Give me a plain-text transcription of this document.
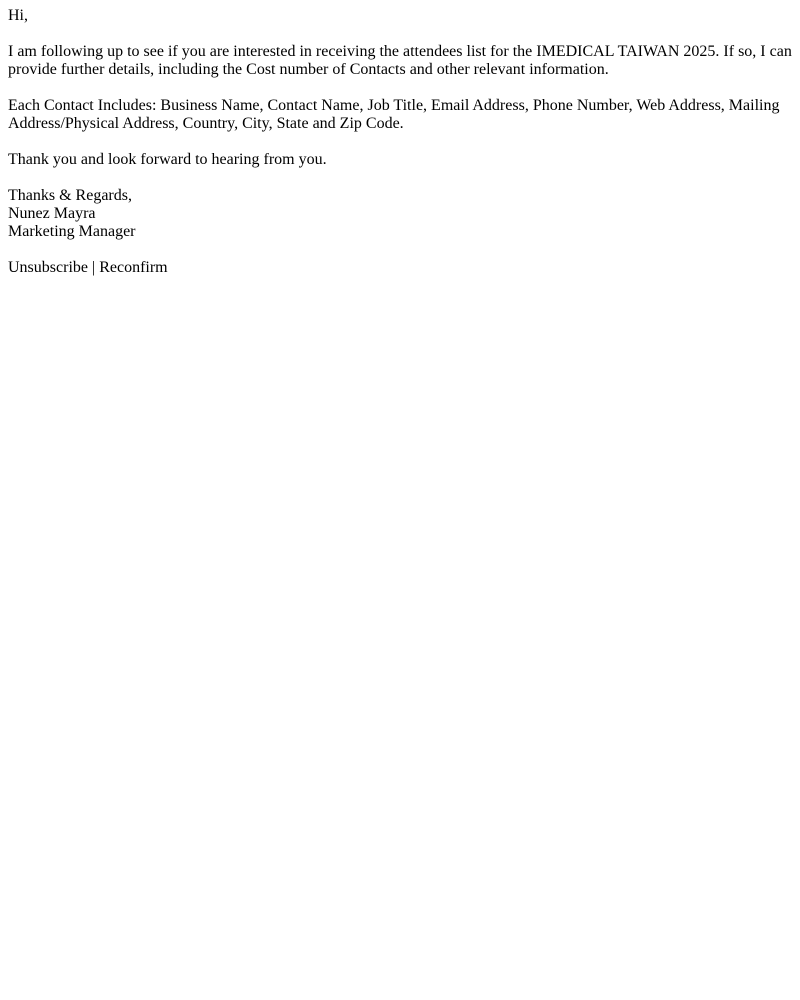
Hi,

I am following up to see if you are interested in receiving the attendees list for the IMEDICAL TAIWAN 2025. If so, I can provide further details, including the Cost number of Contacts and other relevant information.

Each Contact Includes: Business Name, Contact Name, Job Title, Email Address, Phone Number, Web Address, Mailing Address/Physical Address, Country, City, State and Zip Code.

Thank you and look forward to hearing from you.

Thanks & Regards,
Nunez Mayra
Marketing Manager

Unsubscribe | Reconfirm
